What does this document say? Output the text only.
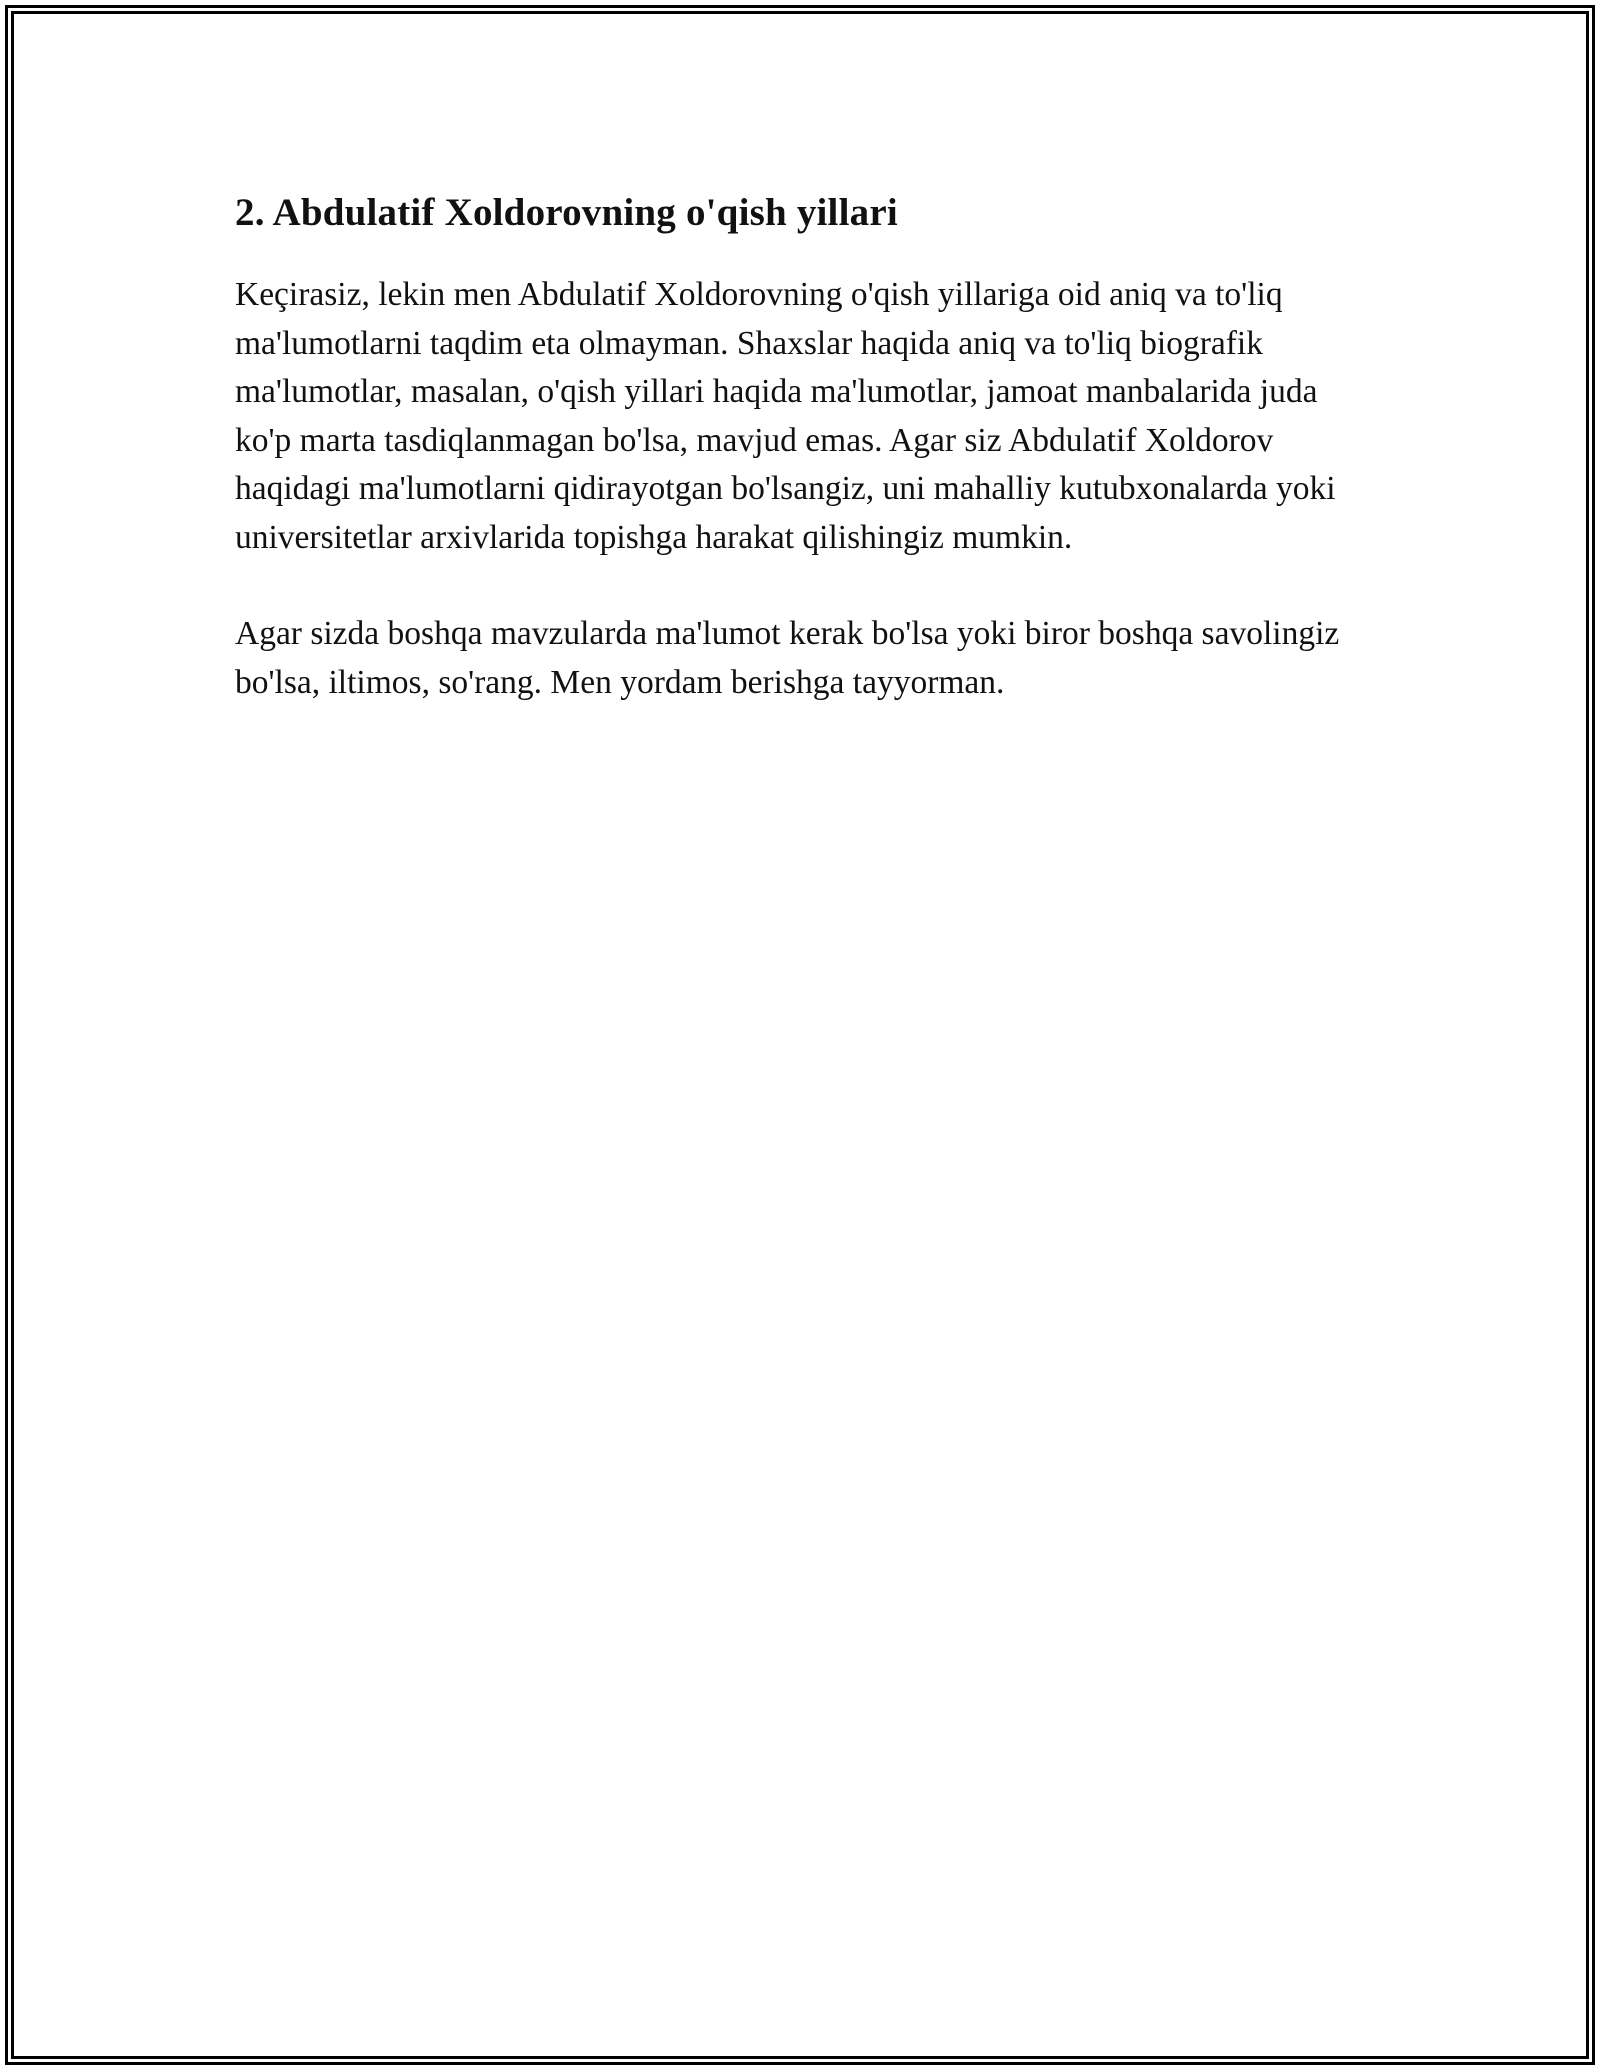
2. Abdulatif Xoldorovning o'qish yillari

Keçirasiz, lekin men Abdulatif Xoldorovning o'qish yillariga oid aniq va to'liq ma'lumotlarni taqdim eta olmayman. Shaxslar haqida aniq va to'liq biografik ma'lumotlar, masalan, o'qish yillari haqida ma'lumotlar, jamoat manbalarida juda ko'p marta tasdiqlanmagan bo'lsa, mavjud emas. Agar siz Abdulatif Xoldorov haqidagi ma'lumotlarni qidirayotgan bo'lsangiz, uni mahalliy kutubxonalarda yoki universitetlar arxivlarida topishga harakat qilishingiz mumkin.

Agar sizda boshqa mavzularda ma'lumot kerak bo'lsa yoki biror boshqa savolingiz bo'lsa, iltimos, so'rang. Men yordam berishga tayyorman.
